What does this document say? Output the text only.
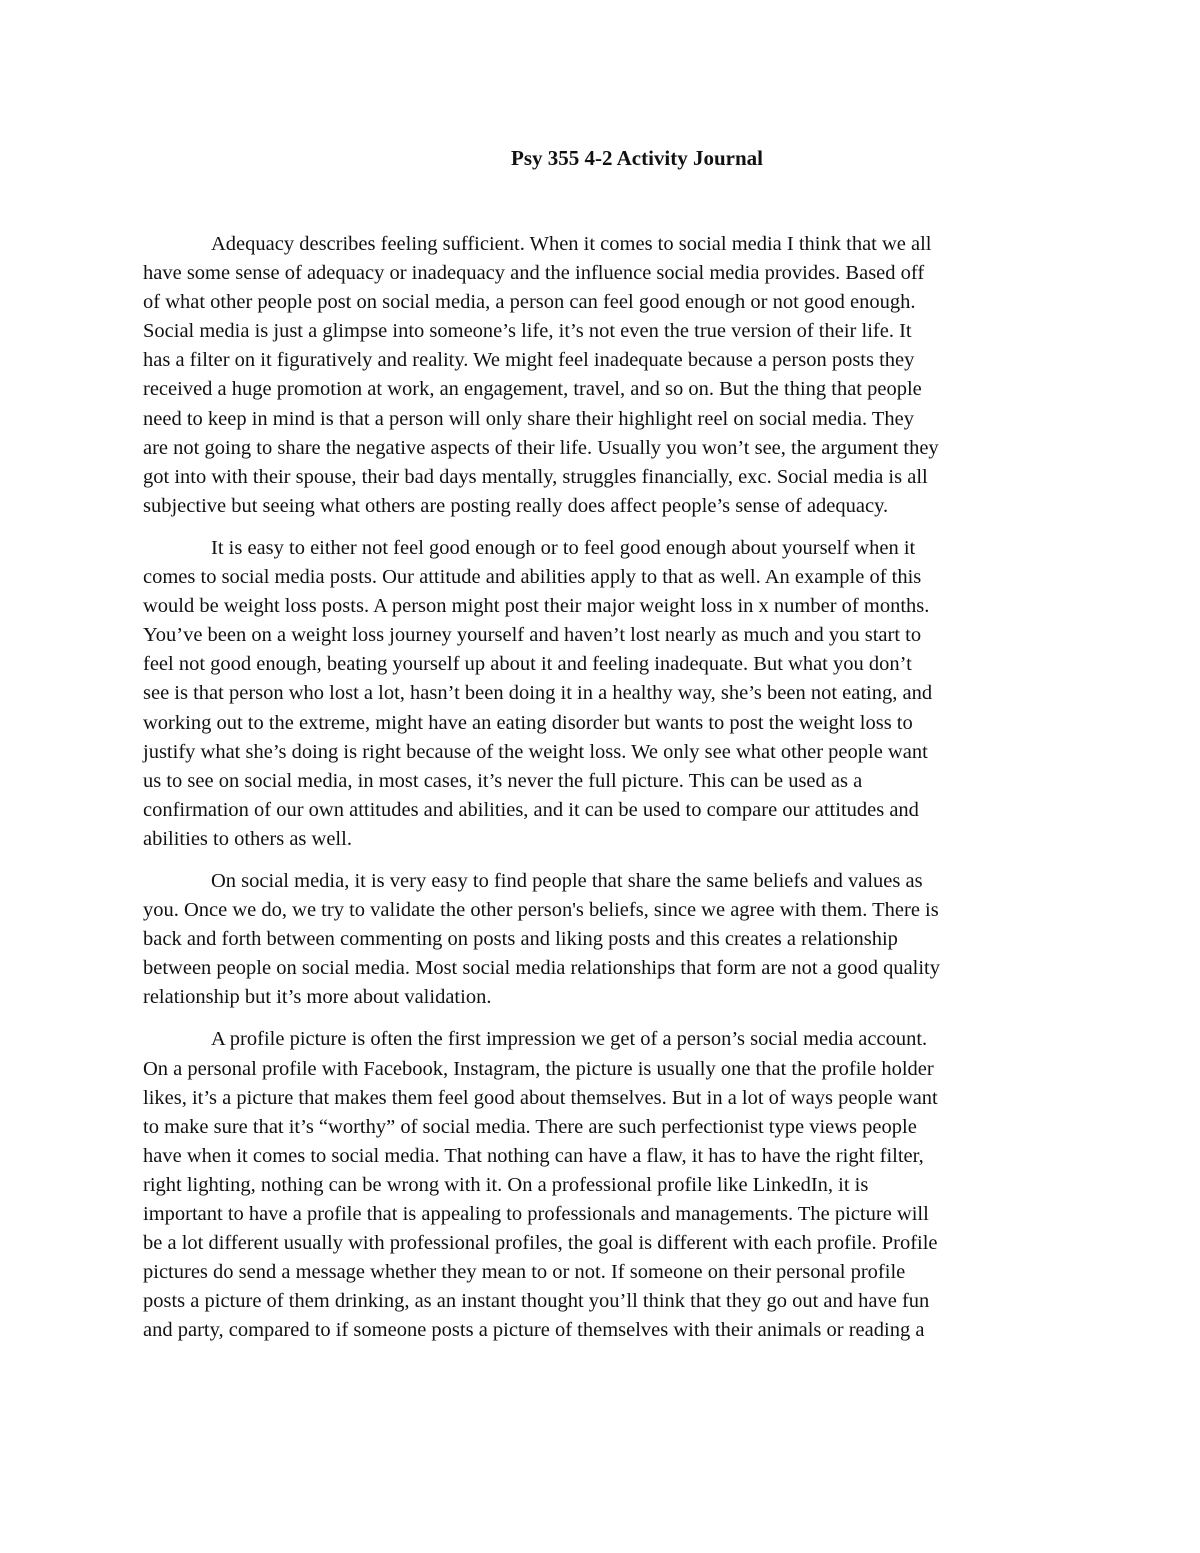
Psy 355 4-2 Activity Journal
Adequacy describes feeling sufficient. When it comes to social media I think that we all
have some sense of adequacy or inadequacy and the influence social media provides. Based off
of what other people post on social media, a person can feel good enough or not good enough.
Social media is just a glimpse into someone’s life, it’s not even the true version of their life. It
has a filter on it figuratively and reality. We might feel inadequate because a person posts they
received a huge promotion at work, an engagement, travel, and so on. But the thing that people
need to keep in mind is that a person will only share their highlight reel on social media. They
are not going to share the negative aspects of their life. Usually you won’t see, the argument they
got into with their spouse, their bad days mentally, struggles financially, exc. Social media is all
subjective but seeing what others are posting really does affect people’s sense of adequacy.
It is easy to either not feel good enough or to feel good enough about yourself when it
comes to social media posts. Our attitude and abilities apply to that as well. An example of this
would be weight loss posts. A person might post their major weight loss in x number of months.
You’ve been on a weight loss journey yourself and haven’t lost nearly as much and you start to
feel not good enough, beating yourself up about it and feeling inadequate. But what you don’t
see is that person who lost a lot, hasn’t been doing it in a healthy way, she’s been not eating, and
working out to the extreme, might have an eating disorder but wants to post the weight loss to
justify what she’s doing is right because of the weight loss. We only see what other people want
us to see on social media, in most cases, it’s never the full picture. This can be used as a
confirmation of our own attitudes and abilities, and it can be used to compare our attitudes and
abilities to others as well.
On social media, it is very easy to find people that share the same beliefs and values as
you. Once we do, we try to validate the other person's beliefs, since we agree with them. There is
back and forth between commenting on posts and liking posts and this creates a relationship
between people on social media. Most social media relationships that form are not a good quality
relationship but it’s more about validation.
A profile picture is often the first impression we get of a person’s social media account.
On a personal profile with Facebook, Instagram, the picture is usually one that the profile holder
likes, it’s a picture that makes them feel good about themselves. But in a lot of ways people want
to make sure that it’s “worthy” of social media. There are such perfectionist type views people
have when it comes to social media. That nothing can have a flaw, it has to have the right filter,
right lighting, nothing can be wrong with it. On a professional profile like LinkedIn, it is
important to have a profile that is appealing to professionals and managements. The picture will
be a lot different usually with professional profiles, the goal is different with each profile. Profile
pictures do send a message whether they mean to or not. If someone on their personal profile
posts a picture of them drinking, as an instant thought you’ll think that they go out and have fun
and party, compared to if someone posts a picture of themselves with their animals or reading a
